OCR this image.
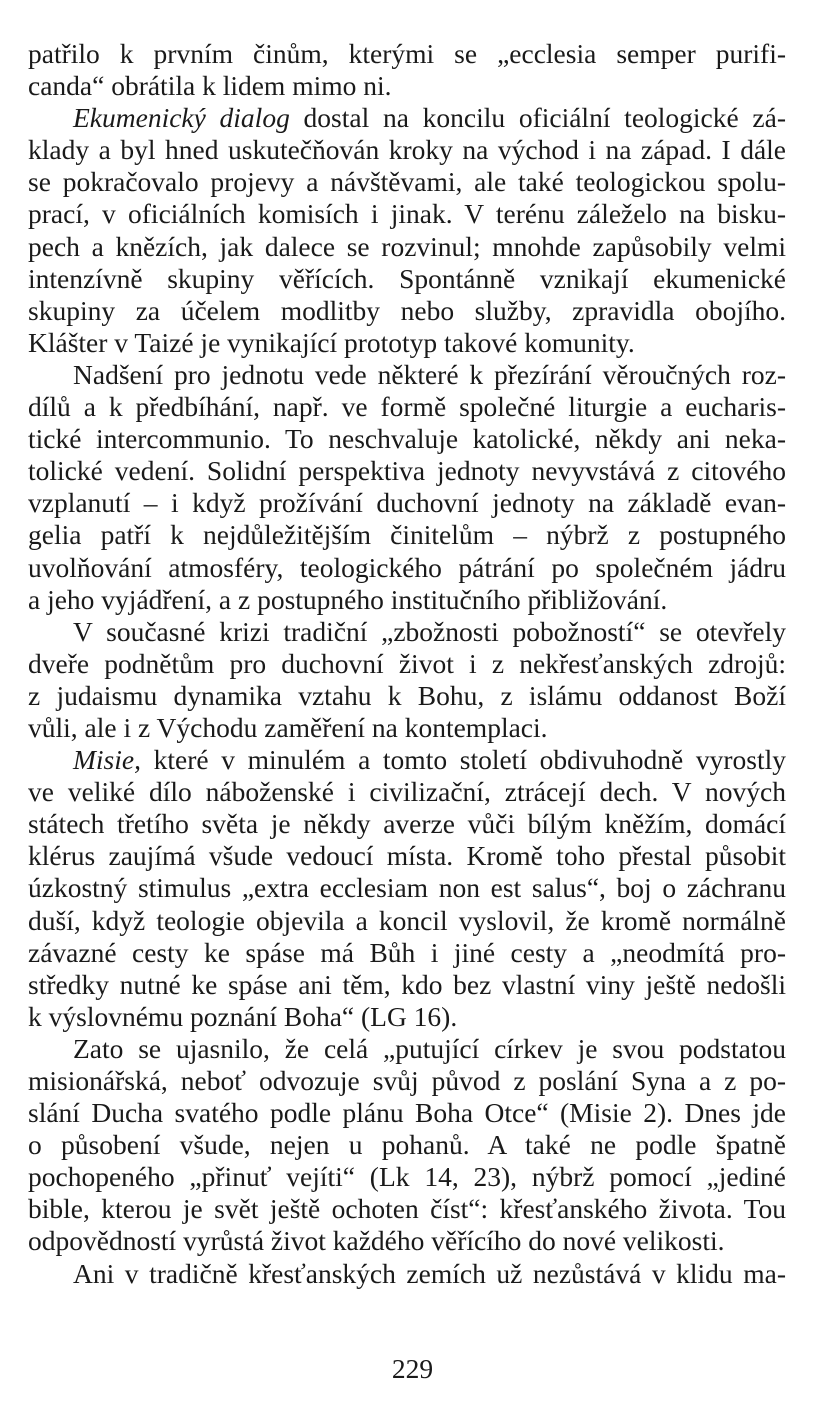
patřilo k prvním činům, kterými se „ecclesia semper purifi-
canda“ obrátila k lidem mimo ni.
Ekumenický dialog dostal na koncilu oficiální teologické zá-
klady a byl hned uskutečňován kroky na východ i na západ. I dále
se pokračovalo projevy a návštěvami, ale také teologickou spolu-
prací, v oficiálních komisích i jinak. V terénu záleželo na bisku-
pech a knězích, jak dalece se rozvinul; mnohde zapůsobily velmi
intenzívně skupiny věřících. Spontánně vznikají ekumenické
skupiny za účelem modlitby nebo služby, zpravidla obojího.
Klášter v Taizé je vynikající prototyp takové komunity.
Nadšení pro jednotu vede některé k přezírání věroučných roz-
dílů a k předbíhání, např. ve formě společné liturgie a eucharis-
tické intercommunio. To neschvaluje katolické, někdy ani neka-
tolické vedení. Solidní perspektiva jednoty nevyvstává z citového
vzplanutí – i když prožívání duchovní jednoty na základě evan-
gelia patří k nejdůležitějším činitelům – nýbrž z postupného
uvolňování atmosféry, teologického pátrání po společném jádru
a jeho vyjádření, a z postupného institučního přibližování.
V současné krizi tradiční „zbožnosti pobožností“ se otevřely
dveře podnětům pro duchovní život i z nekřesťanských zdrojů:
z judaismu dynamika vztahu k Bohu, z islámu oddanost Boží
vůli, ale i z Východu zaměření na kontemplaci.
Misie, které v minulém a tomto století obdivuhodně vyrostly
ve veliké dílo náboženské i civilizační, ztrácejí dech. V nových
státech třetího světa je někdy averze vůči bílým kněžím, domácí
klérus zaujímá všude vedoucí místa. Kromě toho přestal působit
úzkostný stimulus „extra ecclesiam non est salus“, boj o záchranu
duší, když teologie objevila a koncil vyslovil, že kromě normálně
závazné cesty ke spáse má Bůh i jiné cesty a „neodmítá pro-
středky nutné ke spáse ani těm, kdo bez vlastní viny ještě nedošli
k výslovnému poznání Boha“ (LG 16).
Zato se ujasnilo, že celá „putující církev je svou podstatou
misionářská, neboť odvozuje svůj původ z poslání Syna a z po-
slání Ducha svatého podle plánu Boha Otce“ (Misie 2). Dnes jde
o působení všude, nejen u pohanů. A také ne podle špatně
pochopeného „přinuť vejíti“ (Lk 14, 23), nýbrž pomocí „jediné
bible, kterou je svět ještě ochoten číst“: křesťanského života. Tou
odpovědností vyrůstá život každého věřícího do nové velikosti.
Ani v tradičně křesťanských zemích už nezůstává v klidu ma-
229
